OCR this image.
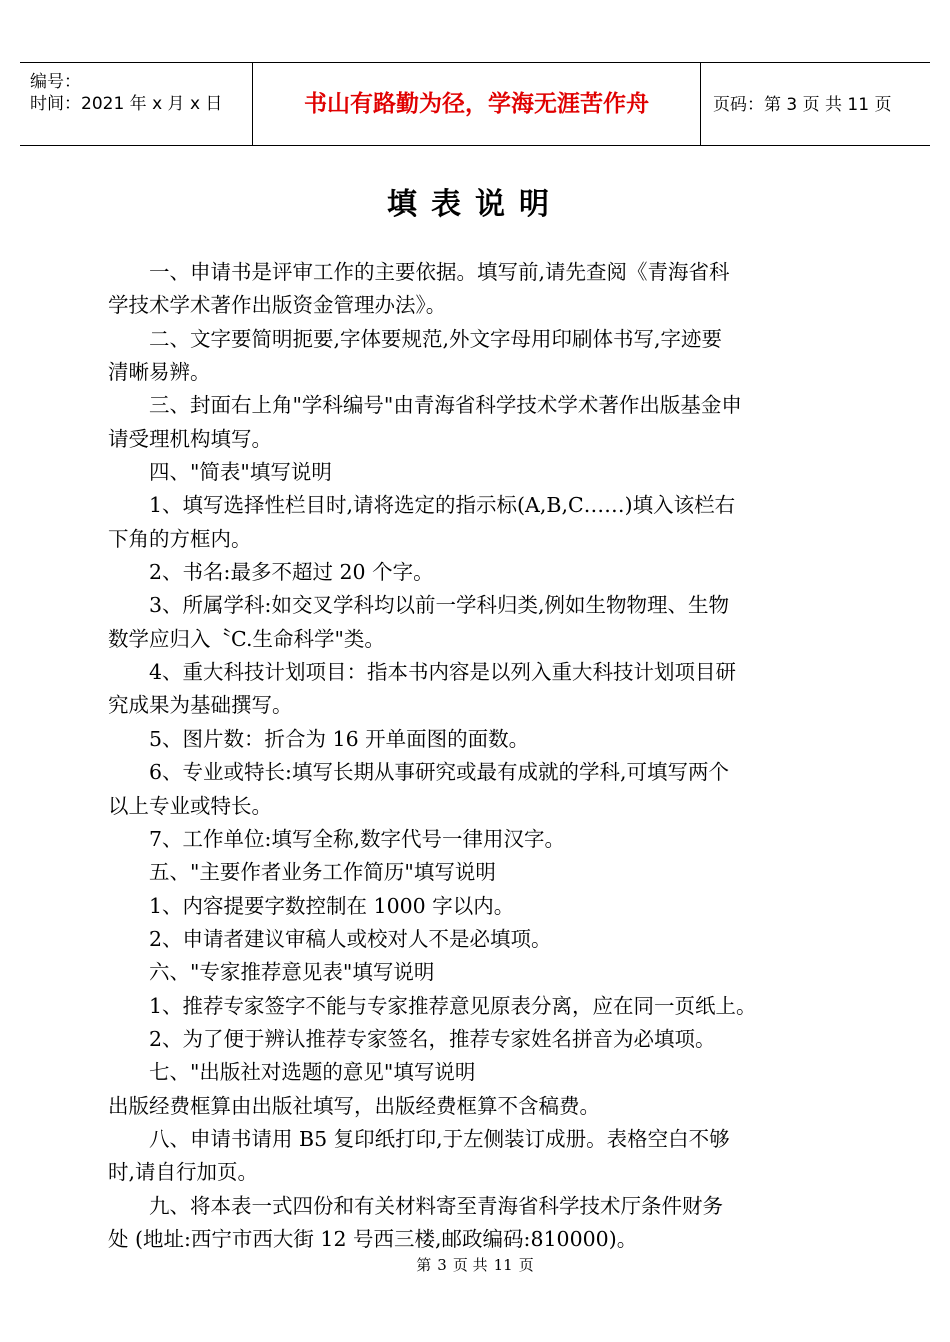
编号：
时间：2021 年 x 月 x 日	书山有路勤为径，学海无涯苦作舟	页码：第 3 页 共 11 页
填表说明
一、申请书是评审工作的主要依据。填写前,请先查阅《青海省科
学技术学术著作出版资金管理办法》。
二、文字要简明扼要,字体要规范,外文字母用印刷体书写,字迹要
清晰易辨。
三、封面右上角"学科编号"由青海省科学技术学术著作出版基金申
请受理机构填写。
四、"简表"填写说明
1、填写选择性栏目时,请将选定的指示标(A,B,C……)填入该栏右
下角的方框内。
2、书名:最多不超过 20 个字。
3、所属学科:如交叉学科均以前一学科归类,例如生物物理、生物
数学应归入〝C.生命科学"类。
4、重大科技计划项目：指本书内容是以列入重大科技计划项目研
究成果为基础撰写。
5、图片数：折合为 16 开单面图的面数。
6、专业或特长:填写长期从事研究或最有成就的学科,可填写两个
以上专业或特长。
7、工作单位:填写全称,数字代号一律用汉字。
五、"主要作者业务工作简历"填写说明
1、内容提要字数控制在 1000 字以内。
2、申请者建议审稿人或校对人不是必填项。
六、"专家推荐意见表"填写说明
1、推荐专家签字不能与专家推荐意见原表分离，应在同一页纸上。
2、为了便于辨认推荐专家签名，推荐专家姓名拼音为必填项。
七、"出版社对选题的意见"填写说明
出版经费框算由出版社填写，出版经费框算不含稿费。
八、申请书请用 B5 复印纸打印,于左侧装订成册。表格空白不够
时,请自行加页。
九、将本表一式四份和有关材料寄至青海省科学技术厅条件财务
处 (地址:西宁市西大街 12 号西三楼,邮政编码:810000)。
第 3 页 共 11 页
